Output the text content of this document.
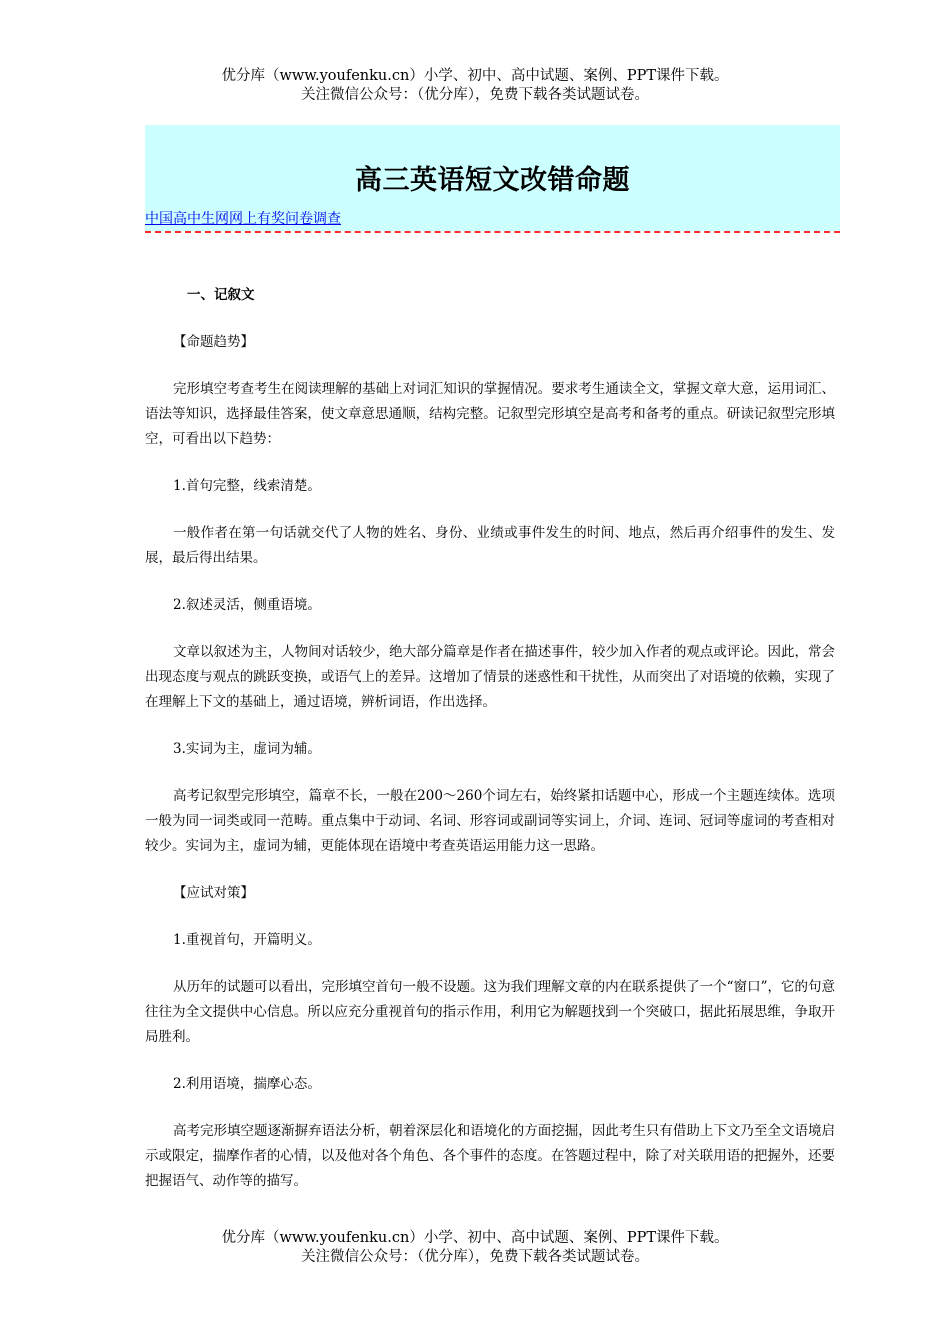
优分库（www.youfenku.cn）小学、初中、高中试题、案例、PPT课件下载。
关注微信公众号：（优分库），免费下载各类试题试卷。
高三英语短文改错命题
中国高中生网网上有奖问卷调查

一、记叙文

【命题趋势】

完形填空考查考生在阅读理解的基础上对词汇知识的掌握情况。要求考生通读全文，掌握文章大意，运用词汇、语法等知识，选择最佳答案，使文章意思通顺，结构完整。记叙型完形填空是高考和备考的重点。研读记叙型完形填空，可看出以下趋势：

1.首句完整，线索清楚。

一般作者在第一句话就交代了人物的姓名、身份、业绩或事件发生的时间、地点，然后再介绍事件的发生、发展，最后得出结果。

2.叙述灵活，侧重语境。

文章以叙述为主，人物间对话较少，绝大部分篇章是作者在描述事件，较少加入作者的观点或评论。因此，常会出现态度与观点的跳跃变换，或语气上的差异。这增加了情景的迷惑性和干扰性，从而突出了对语境的依赖，实现了在理解上下文的基础上，通过语境，辨析词语，作出选择。

3.实词为主，虚词为辅。

高考记叙型完形填空，篇章不长，一般在200～260个词左右，始终紧扣话题中心，形成一个主题连续体。选项一般为同一词类或同一范畴。重点集中于动词、名词、形容词或副词等实词上，介词、连词、冠词等虚词的考查相对较少。实词为主，虚词为辅，更能体现在语境中考查英语运用能力这一思路。

【应试对策】

1.重视首句，开篇明义。

从历年的试题可以看出，完形填空首句一般不设题。这为我们理解文章的内在联系提供了一个“窗口”，它的句意往往为全文提供中心信息。所以应充分重视首句的指示作用，利用它为解题找到一个突破口，据此拓展思维，争取开局胜利。

2.利用语境，揣摩心态。

高考完形填空题逐渐摒弃语法分析，朝着深层化和语境化的方面挖掘，因此考生只有借助上下文乃至全文语境启示或限定，揣摩作者的心情，以及他对各个角色、各个事件的态度。在答题过程中，除了对关联用语的把握外，还要把握语气、动作等的描写。

优分库（www.youfenku.cn）小学、初中、高中试题、案例、PPT课件下载。
关注微信公众号：（优分库），免费下载各类试题试卷。
